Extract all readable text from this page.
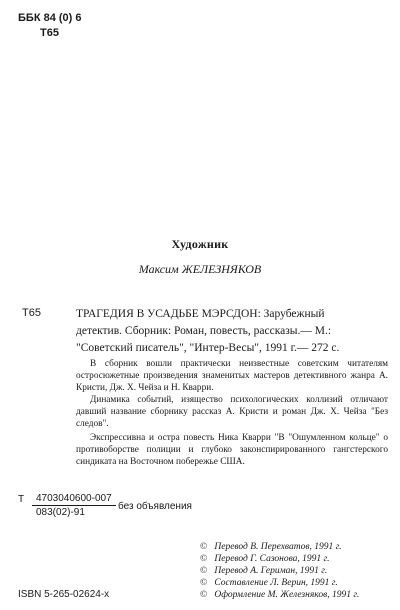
ББК 84 (0) 6
Т65
Художник
Максим ЖЕЛЕЗНЯКОВ
Т65	ТРАГЕДИЯ В УСАДЬБЕ МЭРСДОН: Зарубежный

детектив. Сборник: Роман, повесть, рассказы.— М.:

"Советский писатель", "Интер-Весы", 1991 г.— 272 с.

В сборник вошли практически неизвестные советским читателям остросюжетные произведения знаменитых мастеров детективного жанра А. Кристи, Дж. Х. Чейза и Н. Кварри.

Динамика событий, изящество психологических коллизий отличают давший название сборнику рассказ А. Кристи и роман Дж. Х. Чейза "Без следов".

Экспрессивна и остра повесть Ника Кварри "В "Ошумленном кольце" о противоборстве полиции и глубоко законспирированного гангстерского синдиката на Восточном побережье США.

Т	4703040600-007
083(02)-91
без объявления
© Перевод В. Перехватов, 1991 г.
© Перевод Г. Сазонова, 1991 г.
© Перевод А. Гериман, 1991 г.
© Составление Л. Верин, 1991 г.
© Оформление М. Железняков, 1991 г.
ISBN 5-265-02624-х
